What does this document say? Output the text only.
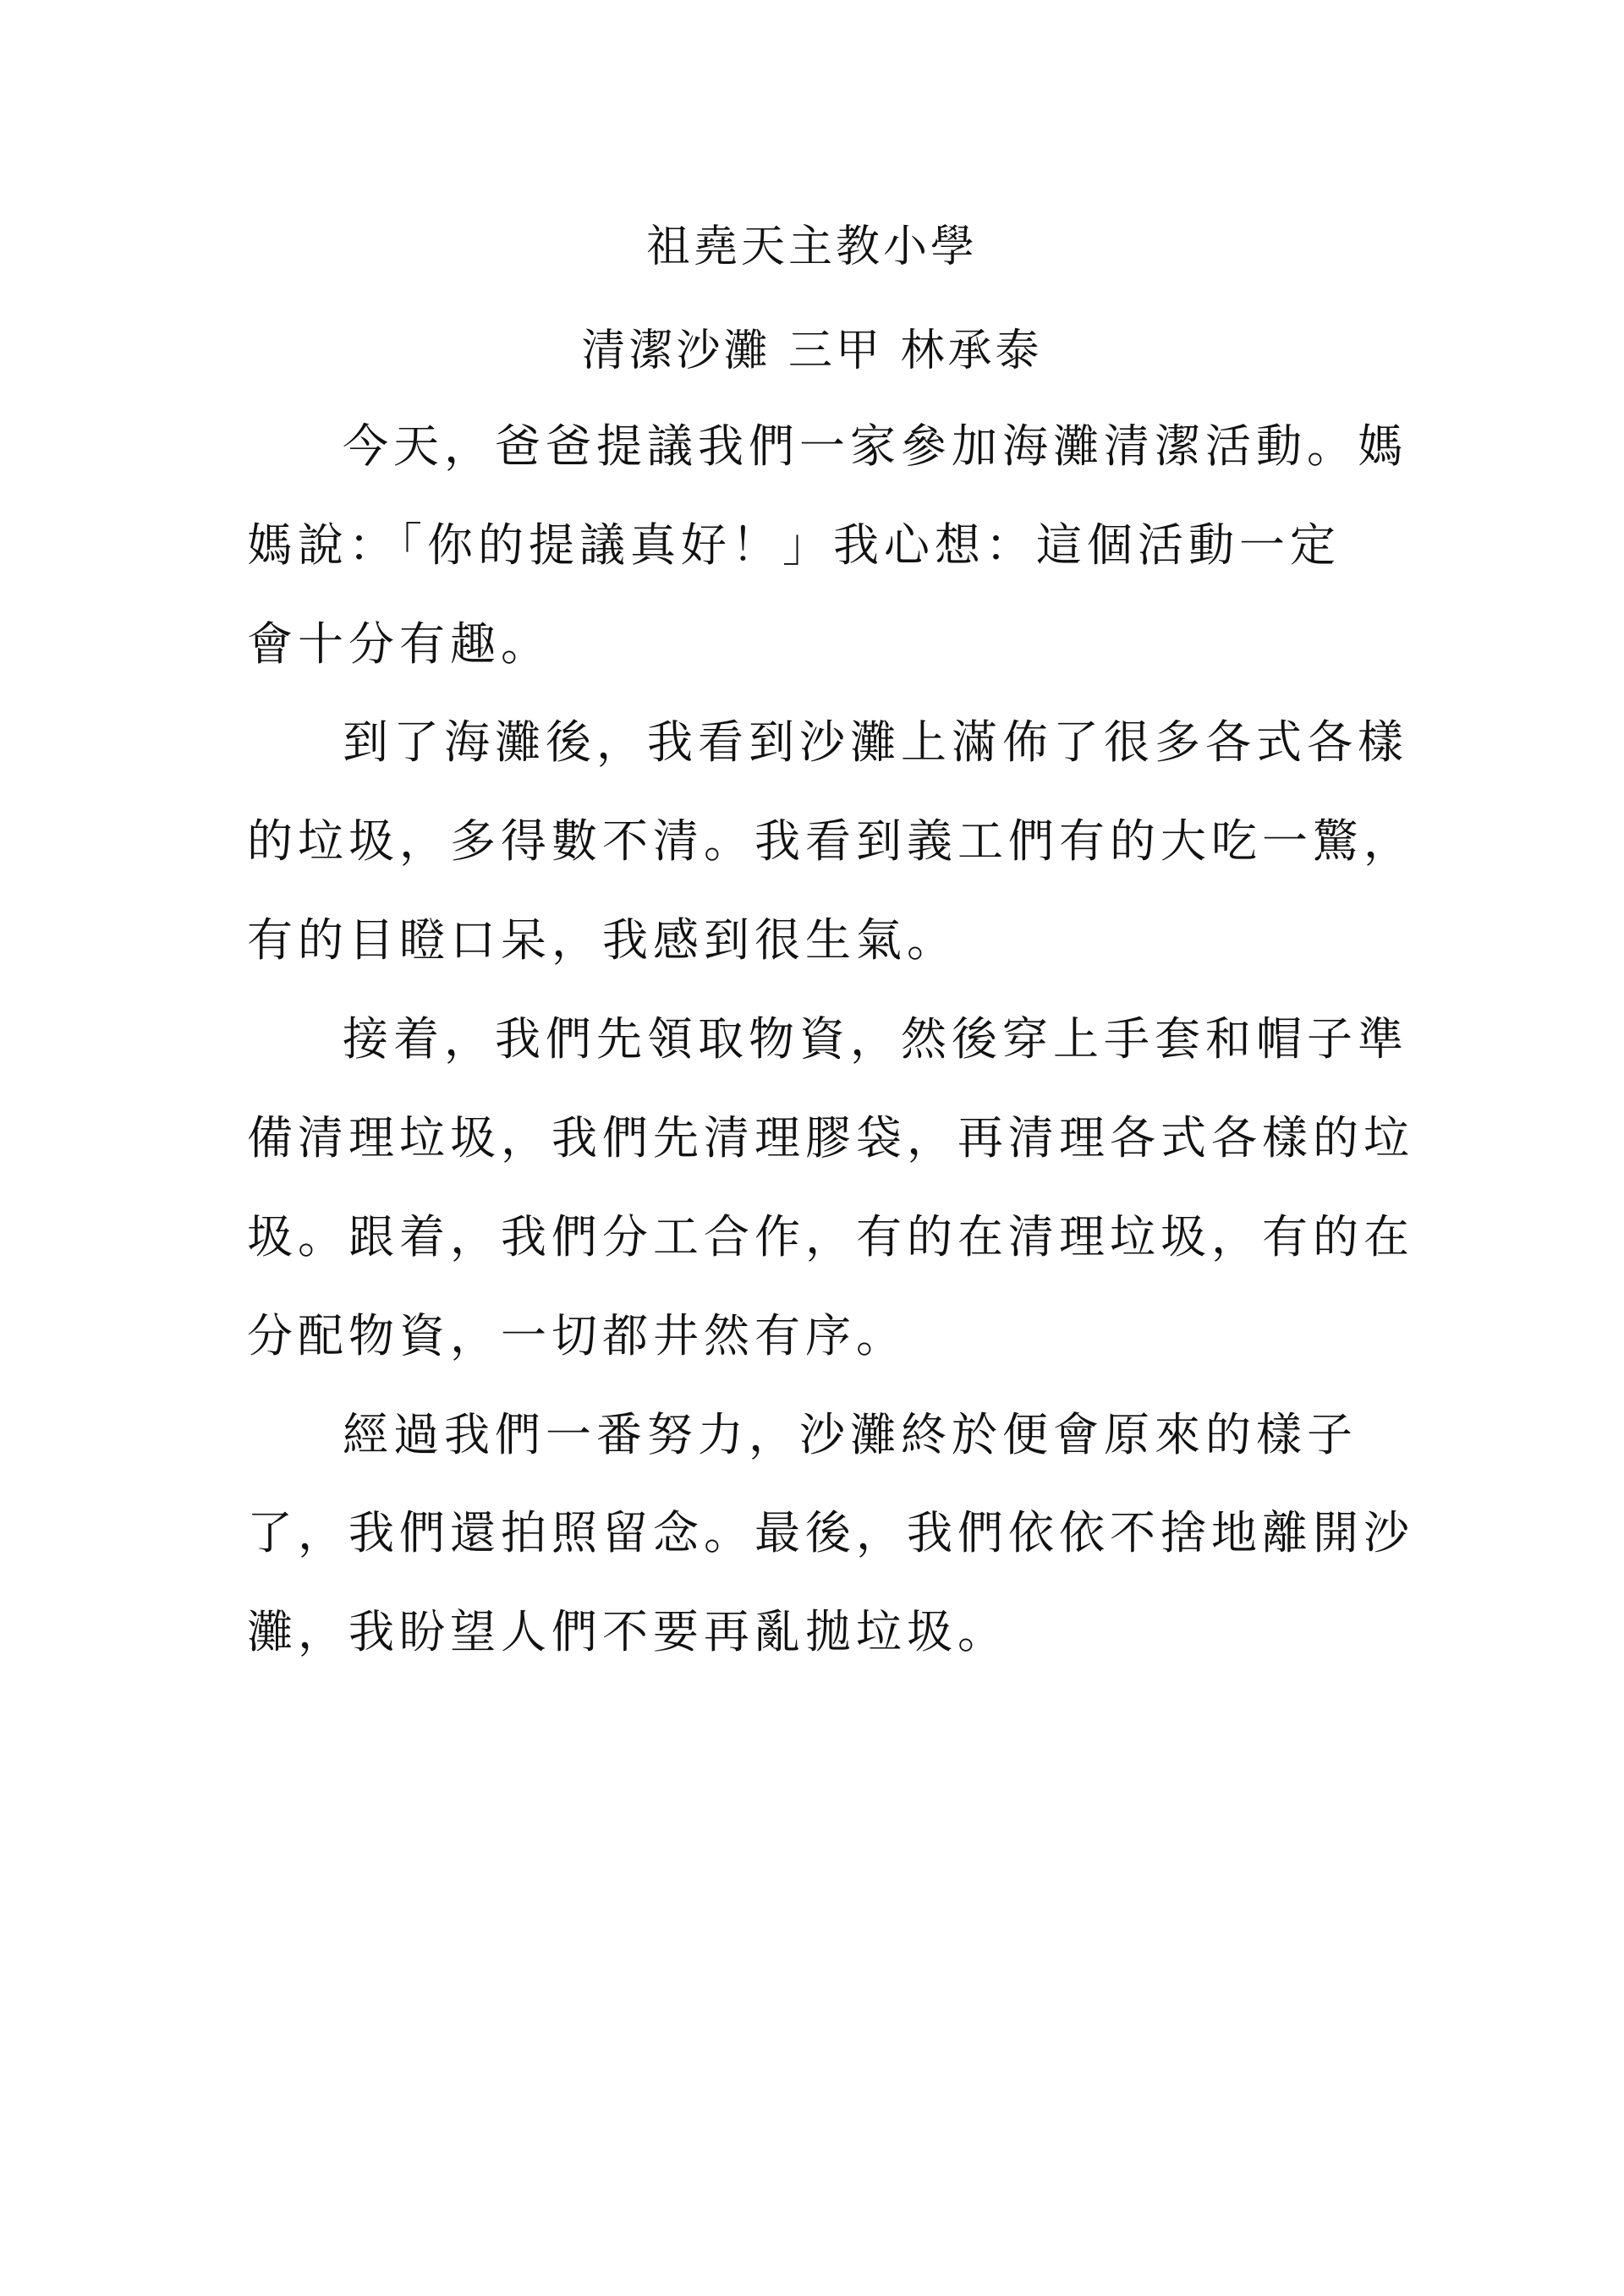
祖堯天主教小學
清潔沙灘 三甲 林承泰
今天，爸爸提議我們一家參加海灘清潔活動。媽
媽說：「你的提議真好！」我心想：這個活動一定
會十分有趣。
到了海灘後，我看到沙灘上滿佈了很多各式各樣
的垃圾，多得數不清。我看到義工們有的大吃一驚，
有的目瞪口呆，我感到很生氣。
接着，我們先領取物資，然後穿上手套和帽子準
備清理垃圾，我們先清理膠袋，再清理各式各樣的垃
圾。跟着，我們分工合作，有的在清理垃圾，有的在
分配物資，一切都井然有序。
經過我們一番努力，沙灘終於便會原來的樣子
了，我們還拍照留念。最後，我們依依不捨地離開沙
灘，我盼望人們不要再亂拋垃圾。
